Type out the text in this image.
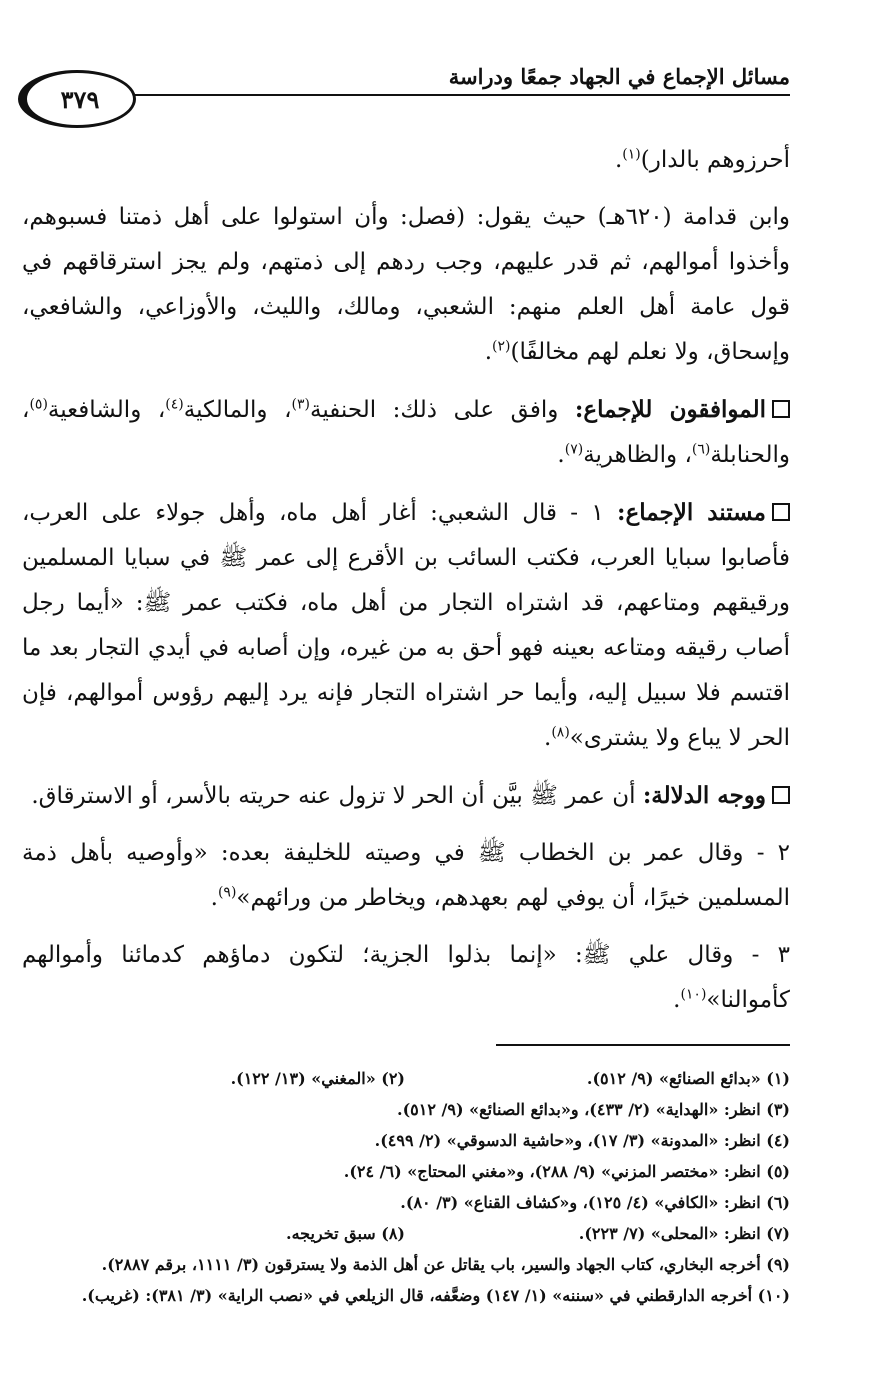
مسائل الإجماع في الجهاد جمعًا ودراسة
٣٧٩

أحرزوهم بالدار)$^{(١)}$.

وابن قدامة (٦٢٠هـ) حيث يقول: (فصل: وأن استولوا على أهل ذمتنا فسبوهم، وأخذوا أموالهم، ثم قدر عليهم، وجب ردهم إلى ذمتهم، ولم يجز استرقاقهم في قول عامة أهل العلم منهم: الشعبي، ومالك، والليث، والأوزاعي، والشافعي، وإسحاق، ولا نعلم لهم مخالفًا)$^{(٢)}$.

الموافقون للإجماع: وافق على ذلك: الحنفية$^{(٣)}$، والمالكية$^{(٤)}$، والشافعية$^{(٥)}$، والحنابلة$^{(٦)}$، والظاهرية$^{(٧)}$.

مستند الإجماع: ١ - قال الشعبي: أغار أهل ماه، وأهل جولاء على العرب، فأصابوا سبايا العرب، فكتب السائب بن الأقرع إلى عمر ﷺ في سبايا المسلمين ورقيقهم ومتاعهم، قد اشتراه التجار من أهل ماه، فكتب عمر ﷺ: «أيما رجل أصاب رقيقه ومتاعه بعينه فهو أحق به من غيره، وإن أصابه في أيدي التجار بعد ما اقتسم فلا سبيل إليه، وأيما حر اشتراه التجار فإنه يرد إليهم رؤوس أموالهم، فإن الحر لا يباع ولا يشترى»$^{(٨)}$.

ووجه الدلالة: أن عمر ﷺ بيَّن أن الحر لا تزول عنه حريته بالأسر، أو الاسترقاق.

٢ - وقال عمر بن الخطاب ﷺ في وصيته للخليفة بعده: «وأوصيه بأهل ذمة المسلمين خيرًا، أن يوفي لهم بعهدهم، ويخاطر من ورائهم»$^{(٩)}$.

٣ - وقال علي ﷺ: «إنما بذلوا الجزية؛ لتكون دماؤهم كدمائنا وأموالهم كأموالنا»$^{(١٠)}$.

(١) «بدائع الصنائع» (٩/ ٥١٢).
(٢) «المغني» (١٣/ ١٢٢).
(٣) انظر: «الهداية» (٢/ ٤٣٣)، و«بدائع الصنائع» (٩/ ٥١٢).
(٤) انظر: «المدونة» (٣/ ١٧)، و«حاشية الدسوقي» (٢/ ٤٩٩).
(٥) انظر: «مختصر المزني» (٩/ ٢٨٨)، و«مغني المحتاج» (٦/ ٢٤).
(٦) انظر: «الكافي» (٤/ ١٢٥)، و«كشاف القناع» (٣/ ٨٠).
(٧) انظر: «المحلى» (٧/ ٢٢٣).
(٨) سبق تخريجه.
(٩) أخرجه البخاري، كتاب الجهاد والسير، باب يقاتل عن أهل الذمة ولا يسترقون (٣/ ١١١١، برقم ٢٨٨٧).
(١٠) أخرجه الدارقطني في «سننه» (١/ ١٤٧) وضعَّفه، قال الزيلعي في «نصب الراية» (٣/ ٣٨١): (غريب).
